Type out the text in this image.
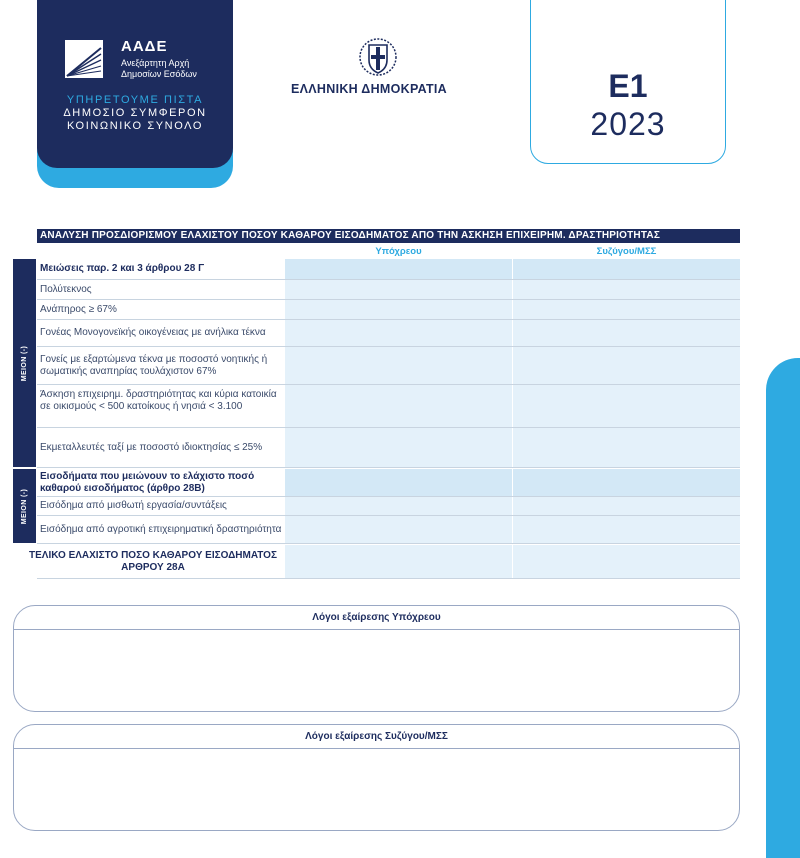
ΑΑΔΕ
Ανεξάρτητη Αρχή
Δημοσίων Εσόδων
ΥΠΗΡΕΤΟΥΜΕ ΠΙΣΤΑ
ΔΗΜΟΣΙΟ ΣΥΜΦΕΡΟΝ
ΚΟΙΝΩΝΙΚΟ ΣΥΝΟΛΟ
ΕΛΛΗΝΙΚΗ ΔΗΜΟΚΡΑΤΙΑ	Ε1
2023
ΑΝΑΛΥΣΗ ΠΡΟΣΔΙΟΡΙΣΜΟΥ ΕΛΑΧΙΣΤΟΥ ΠΟΣΟΥ ΚΑΘΑΡΟΥ ΕΙΣΟΔΗΜΑΤΟΣ ΑΠΟ ΤΗΝ ΑΣΚΗΣΗ ΕΠΙΧΕΙΡΗΜ. ΔΡΑΣΤΗΡΙΟΤΗΤΑΣ
Υπόχρεου	Συζύγου/ΜΣΣ
ΜΕΙΟΝ (-)
ΜΕΙΟΝ (-)
Μειώσεις παρ. 2 και 3 άρθρου 28 Γ
Πολύτεκνος
Ανάπηρος ≥ 67%
Γονέας Μονογονεϊκής οικογένειας με ανήλικα τέκνα
Γονείς με εξαρτώμενα τέκνα με ποσοστό νοητικής ή σωματικής αναπηρίας τουλάχιστον 67%
Άσκηση επιχειρηµ. δραστηριότητας και κύρια κατοικία σε οικισμούς < 500 κατοίκους ή νησιά < 3.100
Εκμεταλλευτές ταξί με ποσοστό ιδιοκτησίας ≤ 25%
Εισοδήματα που μειώνουν το ελάχιστο ποσό καθαρού εισοδήματος (άρθρο 28Β)
Εισόδημα από μισθωτή εργασία/συντάξεις
Εισόδημα από αγροτική επιχειρηματική δραστηριότητα
ΤΕΛΙΚΟ ΕΛΑΧΙΣΤΟ ΠΟΣΟ ΚΑΘΑΡΟΥ ΕΙΣΟΔΗΜΑΤΟΣ ΑΡΘΡΟΥ 28Α
Λόγοι εξαίρεσης Υπόχρεου
Λόγοι εξαίρεσης Συζύγου/ΜΣΣ
